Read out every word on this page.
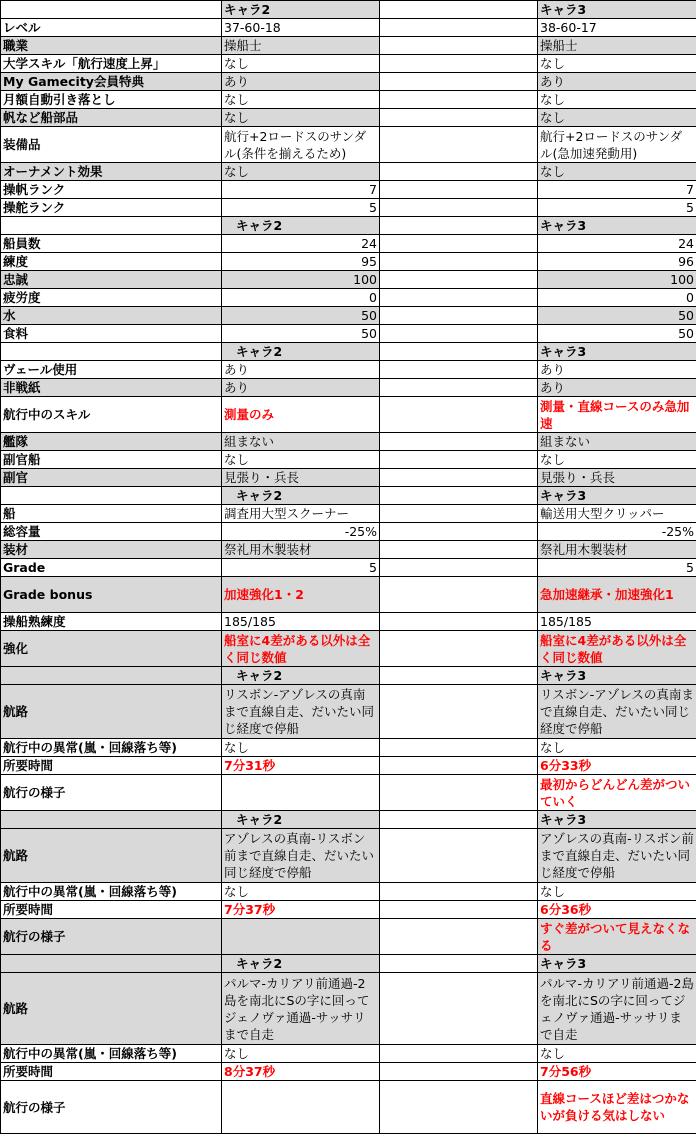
	キャラ2		キャラ3
レベル	37-60-18		38-60-17
職業	操船士		操船士
大学スキル「航行速度上昇」	なし		なし
My Gamecity会員特典	あり		あり
月額自動引き落とし	なし		なし
帆など船部品	なし		なし
装備品	航行+2ロードスのサンダル(条件を揃えるため)		航行+2ロードスのサンダル(急加速発動用)
オーナメント効果	なし		なし
操帆ランク	7		7
操舵ランク	5		5
	キャラ2		キャラ3
船員数	24		24
練度	95		96
忠誠	100		100
疲労度	0		0
水	50		50
食料	50		50
	キャラ2		キャラ3
ヴェール使用	あり		あり
非戦紙	あり		あり
航行中のスキル	測量のみ		測量・直線コースのみ急加速
艦隊	組まない		組まない
副官船	なし		なし
副官	見張り・兵長		見張り・兵長
	キャラ2		キャラ3
船	調査用大型スクーナー		輸送用大型クリッパー
総容量	-25%		-25%
装材	祭礼用木製装材		祭礼用木製装材
Grade	5		5
Grade bonus	加速強化1・2		急加速継承・加速強化1
操船熟練度	185/185		185/185
強化	船室に4差がある以外は全く同じ数値		船室に4差がある以外は全く同じ数値
	キャラ2		キャラ3
航路	リスボン-アゾレスの真南まで直線自走、だいたい同じ経度で停船		リスボン-アゾレスの真南まで直線自走、だいたい同じ経度で停船
航行中の異常(嵐・回線落ち等)	なし		なし
所要時間	7分31秒		6分33秒
航行の様子			最初からどんどん差がついていく
	キャラ2		キャラ3
航路	アゾレスの真南-リスボン前まで直線自走、だいたい同じ経度で停船		アゾレスの真南-リスボン前まで直線自走、だいたい同じ経度で停船
航行中の異常(嵐・回線落ち等)	なし		なし
所要時間	7分37秒		6分36秒
航行の様子			すぐ差がついて見えなくなる
	キャラ2		キャラ3
航路	パルマ-カリアリ前通過-2島を南北にSの字に回ってジェノヴァ通過-サッサリまで自走		パルマ-カリアリ前通過-2島を南北にSの字に回ってジェノヴァ通過-サッサリまで自走
航行中の異常(嵐・回線落ち等)	なし		なし
所要時間	8分37秒		7分56秒
航行の様子			直線コースほど差はつかないが負ける気はしない
